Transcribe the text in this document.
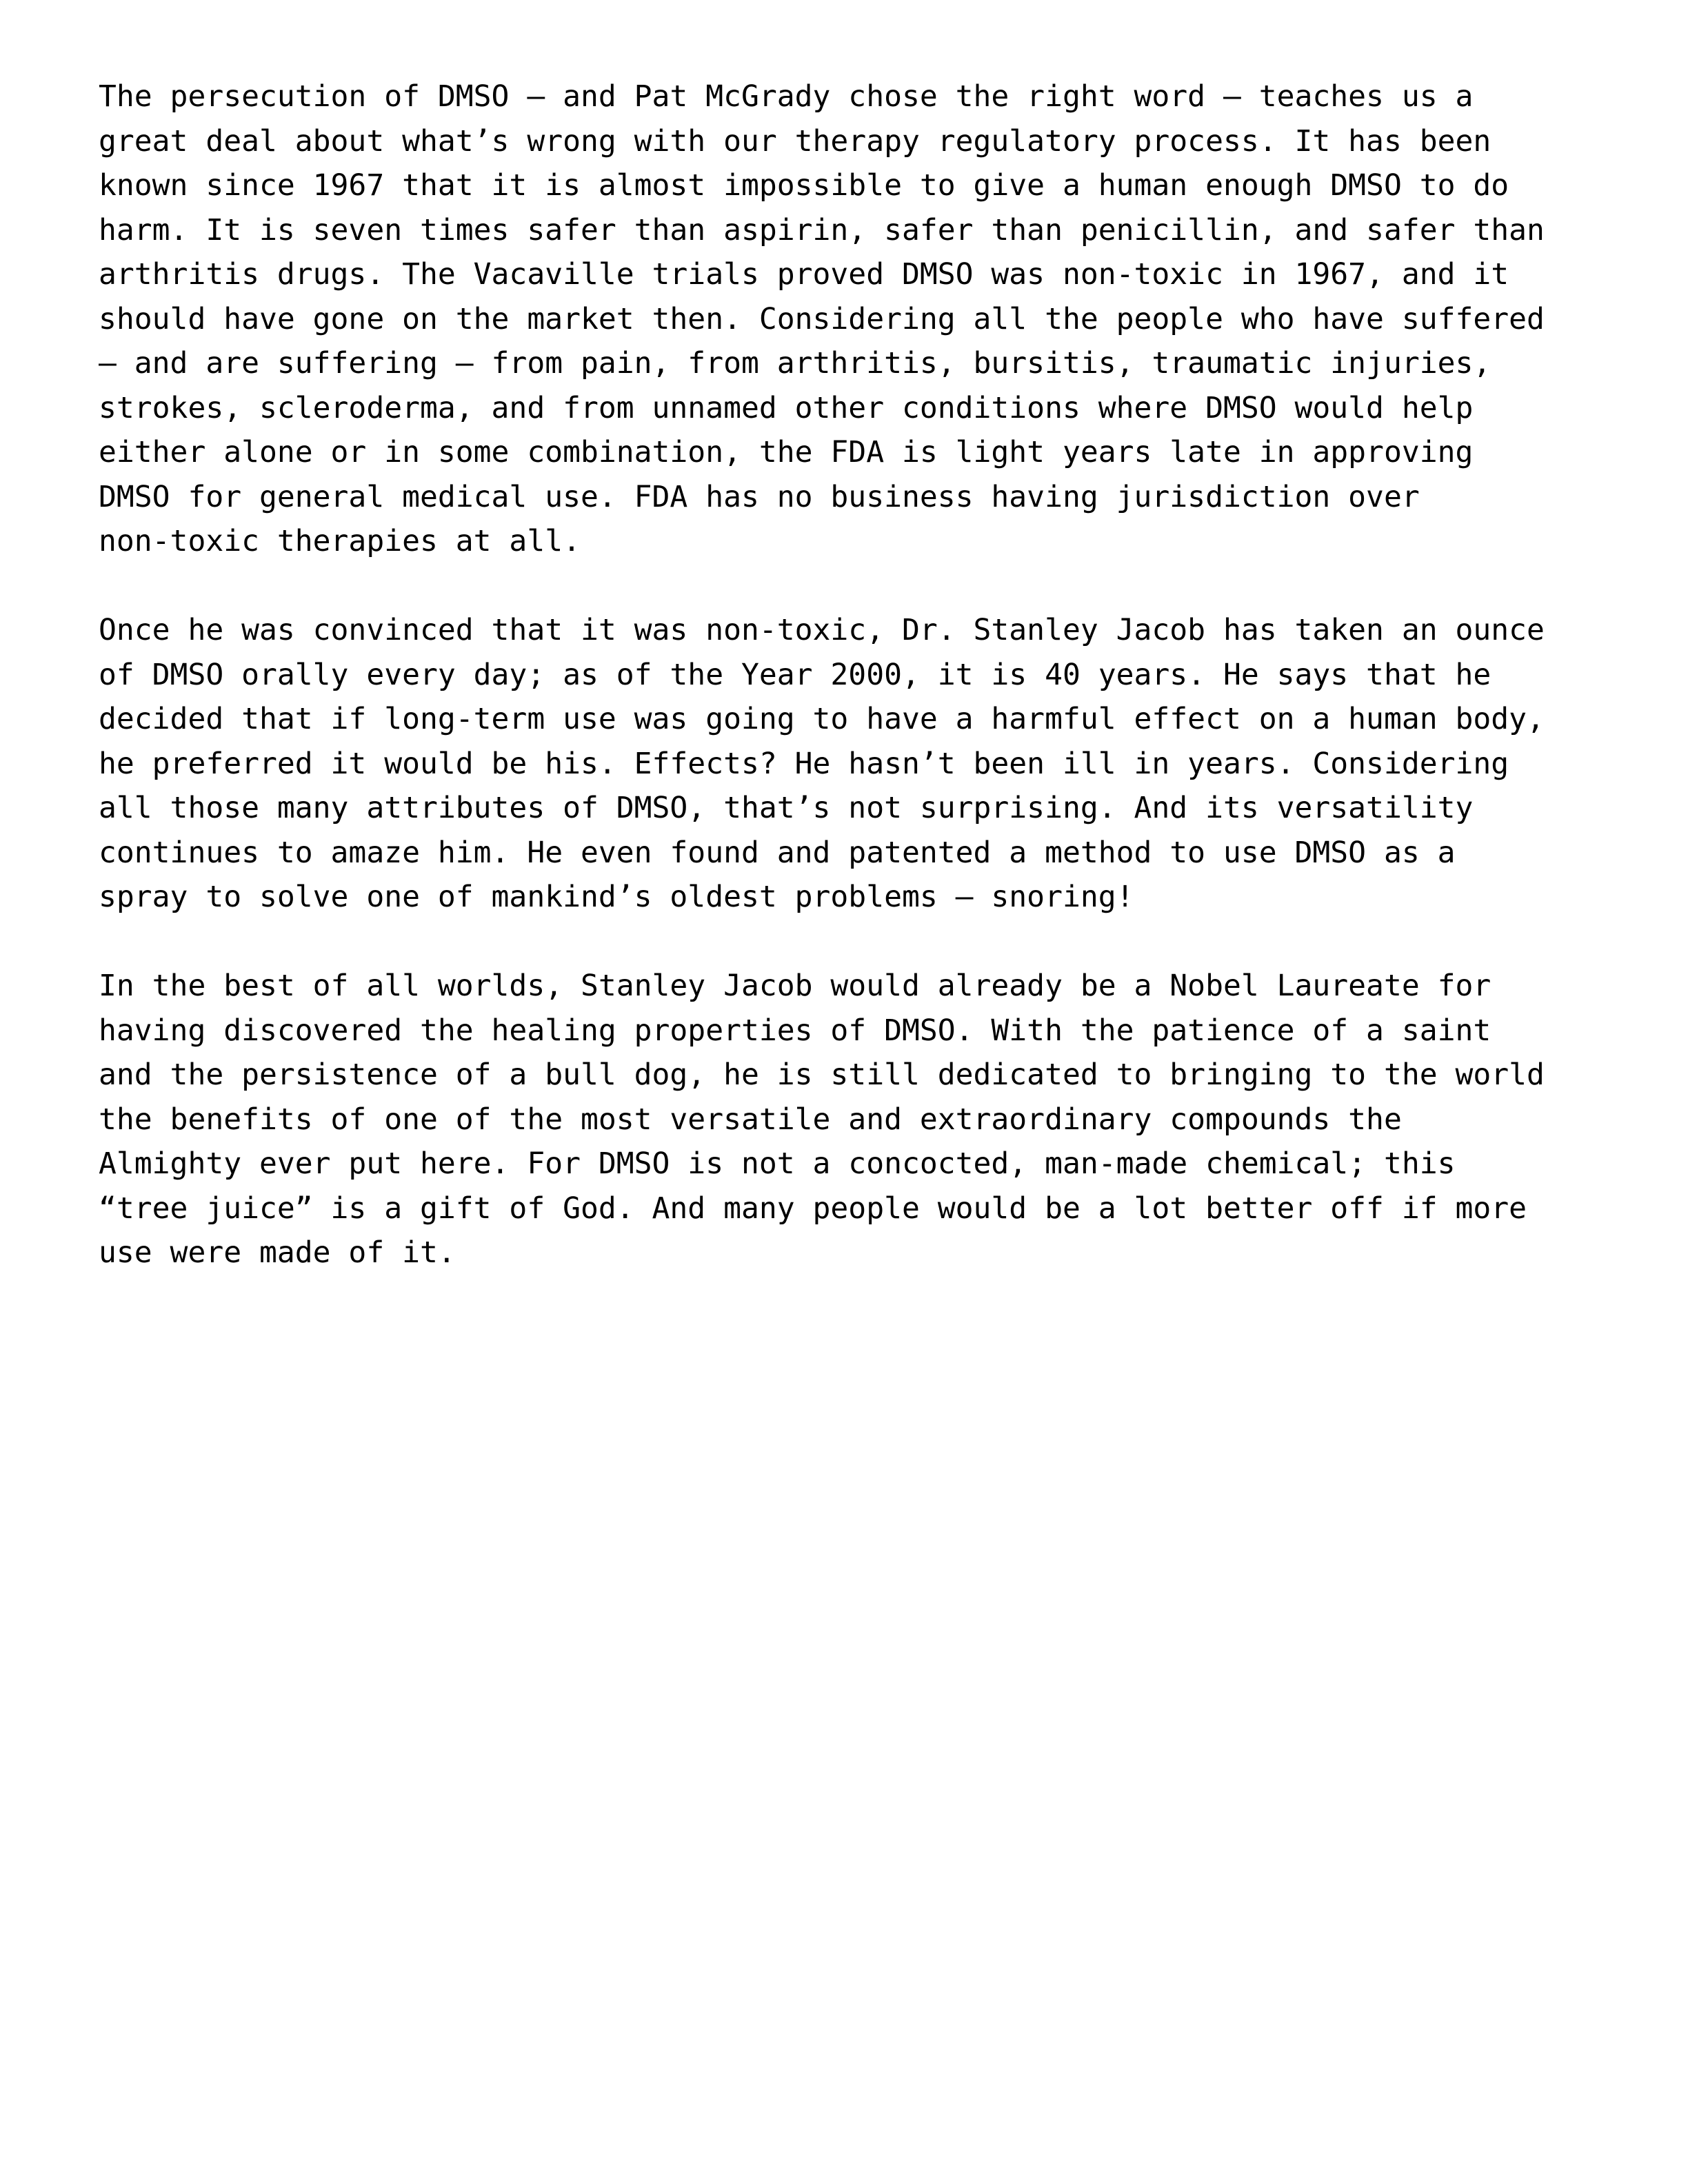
The persecution of DMSO — and Pat McGrady chose the right word — teaches us a
great deal about what’s wrong with our therapy regulatory process. It has been
known since 1967 that it is almost impossible to give a human enough DMSO to do
harm. It is seven times safer than aspirin, safer than penicillin, and safer than
arthritis drugs. The Vacaville trials proved DMSO was non-toxic in 1967, and it
should have gone on the market then. Considering all the people who have suffered
— and are suffering — from pain, from arthritis, bursitis, traumatic injuries,
strokes, scleroderma, and from unnamed other conditions where DMSO would help
either alone or in some combination, the FDA is light years late in approving
DMSO for general medical use. FDA has no business having jurisdiction over
non-toxic therapies at all.
Once he was convinced that it was non-toxic, Dr. Stanley Jacob has taken an ounce
of DMSO orally every day; as of the Year 2000, it is 40 years. He says that he
decided that if long-term use was going to have a harmful effect on a human body,
he preferred it would be his. Effects? He hasn’t been ill in years. Considering
all those many attributes of DMSO, that’s not surprising. And its versatility
continues to amaze him. He even found and patented a method to use DMSO as a
spray to solve one of mankind’s oldest problems — snoring!
In the best of all worlds, Stanley Jacob would already be a Nobel Laureate for
having discovered the healing properties of DMSO. With the patience of a saint
and the persistence of a bull dog, he is still dedicated to bringing to the world
the benefits of one of the most versatile and extraordinary compounds the
Almighty ever put here. For DMSO is not a concocted, man-made chemical; this
“tree juice” is a gift of God. And many people would be a lot better off if more
use were made of it.
